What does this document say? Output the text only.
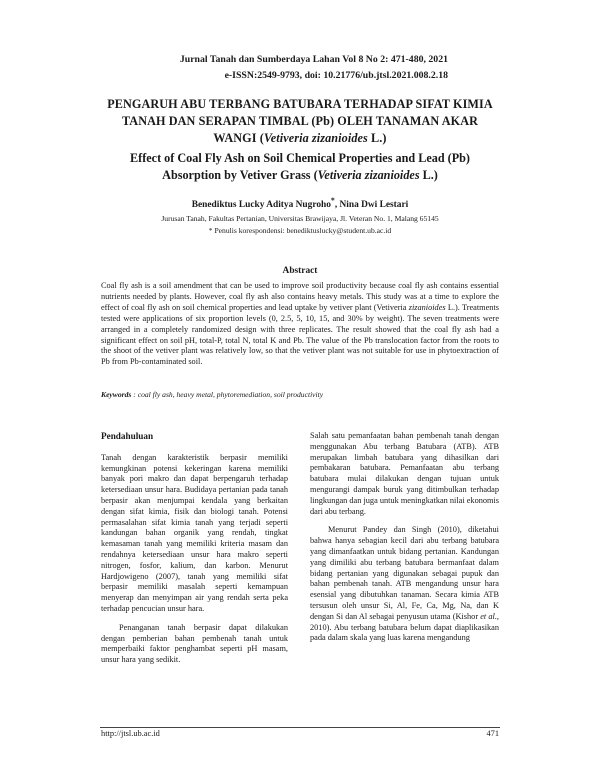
Jurnal Tanah dan Sumberdaya Lahan Vol 8 No 2: 471-480, 2021
e-ISSN:2549-9793, doi: 10.21776/ub.jtsl.2021.008.2.18
PENGARUH ABU TERBANG BATUBARA TERHADAP SIFAT KIMIA TANAH DAN SERAPAN TIMBAL (Pb) OLEH TANAMAN AKAR WANGI (Vetiveria zizanioides L.)
Effect of Coal Fly Ash on Soil Chemical Properties and Lead (Pb) Absorption by Vetiver Grass (Vetiveria zizanioides L.)
Benediktus Lucky Aditya Nugroho*, Nina Dwi Lestari
Jurusan Tanah, Fakultas Pertanian, Universitas Brawijaya, Jl. Veteran No. 1, Malang 65145
* Penulis korespondensi: benediktuslucky@student.ub.ac.id
Abstract
Coal fly ash is a soil amendment that can be used to improve soil productivity because coal fly ash contains essential nutrients needed by plants. However, coal fly ash also contains heavy metals. This study was at a time to explore the effect of coal fly ash on soil chemical properties and lead uptake by vetiver plant (Vetiveria zizanioides L.). Treatments tested were applications of six proportion levels (0, 2.5, 5, 10, 15, and 30% by weight). The seven treatments were arranged in a completely randomized design with three replicates. The result showed that the coal fly ash had a significant effect on soil pH, total-P, total N, total K and Pb. The value of the Pb translocation factor from the roots to the shoot of the vetiver plant was relatively low, so that the vetiver plant was not suitable for use in phytoextraction of Pb from Pb-contaminated soil.
Keywords : coal fly ash, heavy metal, phytoremediation, soil productivity
Pendahuluan

Tanah dengan karakteristik berpasir memiliki kemungkinan potensi kekeringan karena memiliki banyak pori makro dan dapat berpengaruh terhadap ketersediaan unsur hara. Budidaya pertanian pada tanah berpasir akan menjumpai kendala yang berkaitan dengan sifat kimia, fisik dan biologi tanah. Potensi permasalahan sifat kimia tanah yang terjadi seperti kandungan bahan organik yang rendah, tingkat kemasaman tanah yang memiliki kriteria masam dan rendahnya ketersediaan unsur hara makro seperti nitrogen, fosfor, kalium, dan karbon. Menurut Hardjowigeno (2007), tanah yang memiliki sifat berpasir memiliki masalah seperti kemampuan menyerap dan menyimpan air yang rendah serta peka terhadap pencucian unsur hara.

Penanganan tanah berpasir dapat dilakukan dengan pemberian bahan pembenah tanah untuk memperbaiki faktor penghambat seperti pH masam, unsur hara yang sedikit.

Salah satu pemanfaatan bahan pembenah tanah dengan menggunakan Abu terbang Batubara (ATB). ATB merupakan limbah batubara yang dihasilkan dari pembakaran batubara. Pemanfaatan abu terbang batubara mulai dilakukan dengan tujuan untuk mengurangi dampak buruk yang ditimbulkan terhadap lingkungan dan juga untuk meningkatkan nilai ekonomis dari abu terbang.

Menurut Pandey dan Singh (2010), diketahui bahwa hanya sebagian kecil dari abu terbang batubara yang dimanfaatkan untuk bidang pertanian. Kandungan yang dimiliki abu terbang batubara bermanfaat dalam bidang pertanian yang digunakan sebagai pupuk dan bahan pembenah tanah. ATB mengandung unsur hara esensial yang dibutuhkan tanaman. Secara kimia ATB tersusun oleh unsur Si, Al, Fe, Ca, Mg, Na, dan K dengan Si dan Al sebagai penyusun utama (Kishor et al., 2010). Abu terbang batubara belum dapat diaplikasikan pada dalam skala yang luas karena mengandung

http://jtsl.ub.ac.id	471
